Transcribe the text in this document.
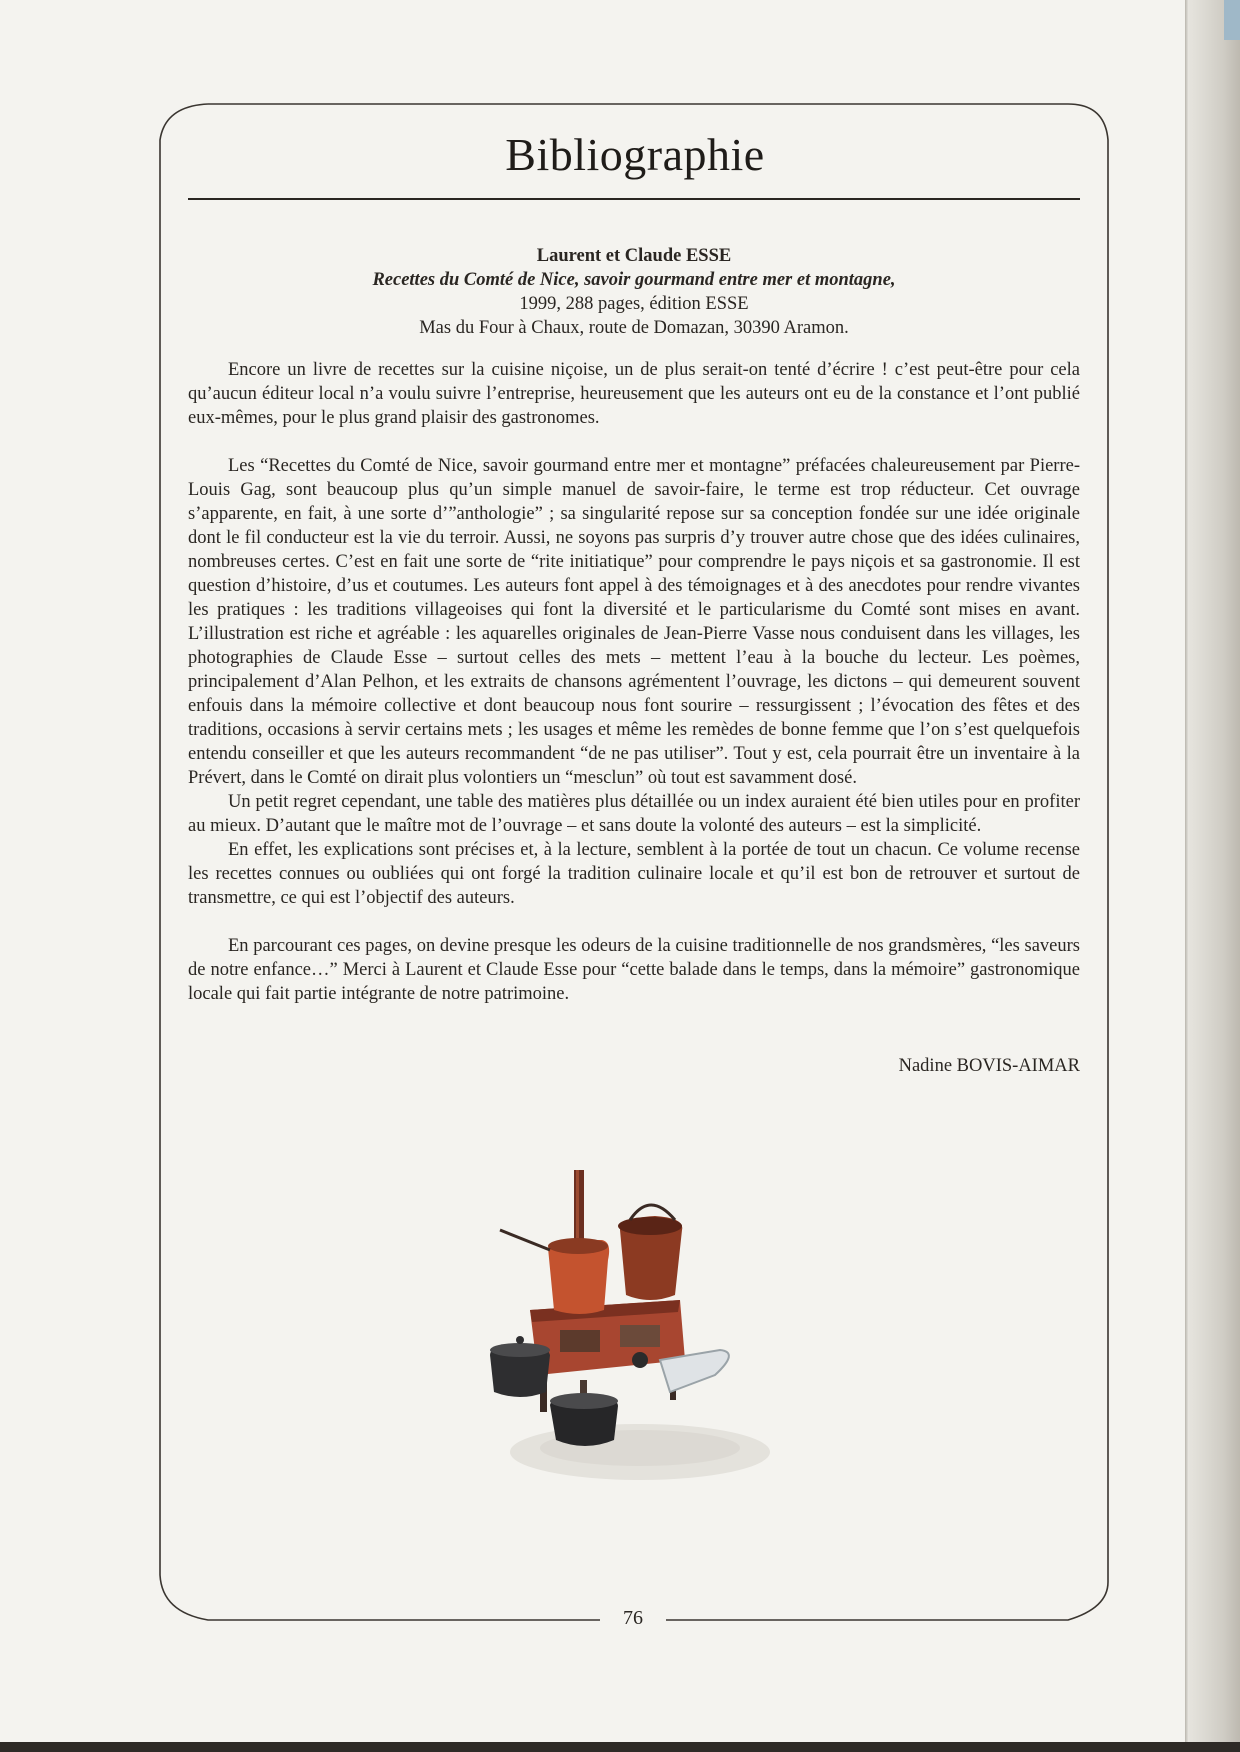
Bibliographie
Laurent et Claude ESSE
Recettes du Comté de Nice, savoir gourmand entre mer et montagne,
1999, 288 pages, édition ESSE
Mas du Four à Chaux, route de Domazan, 30390 Aramon.

Encore un livre de recettes sur la cuisine niçoise, un de plus serait-on tenté d’écrire ! c’est peut-être pour cela qu’aucun éditeur local n’a voulu suivre l’entreprise, heureusement que les auteurs ont eu de la constance et l’ont publié eux-mêmes, pour le plus grand plaisir des gastronomes.

Les “Recettes du Comté de Nice, savoir gourmand entre mer et montagne” préfacées chaleureusement par Pierre-Louis Gag, sont beaucoup plus qu’un simple manuel de savoir-faire, le terme est trop réducteur. Cet ouvrage s’apparente, en fait, à une sorte d’”anthologie” ; sa singularité repose sur sa conception fondée sur une idée originale dont le fil conducteur est la vie du terroir. Aussi, ne soyons pas surpris d’y trouver autre chose que des idées culinaires, nombreuses certes. C’est en fait une sorte de “rite initiatique” pour comprendre le pays niçois et sa gastronomie. Il est question d’histoire, d’us et coutumes. Les auteurs font appel à des témoignages et à des anecdotes pour rendre vivantes les pratiques : les traditions villageoises qui font la diversité et le particularisme du Comté sont mises en avant. L’illustration est riche et agréable : les aquarelles originales de Jean-Pierre Vasse nous conduisent dans les villages, les photographies de Claude Esse – surtout celles des mets – mettent l’eau à la bouche du lecteur. Les poèmes, principalement d’Alan Pelhon, et les extraits de chansons agrémentent l’ouvrage, les dictons – qui demeurent souvent enfouis dans la mémoire collective et dont beaucoup nous font sourire – ressurgissent ; l’évocation des fêtes et des traditions, occasions à servir certains mets ; les usages et même les remèdes de bonne femme que l’on s’est quelquefois entendu conseiller et que les auteurs recommandent “de ne pas utiliser”. Tout y est, cela pourrait être un inventaire à la Prévert, dans le Comté on dirait plus volontiers un “mesclun” où tout est savamment dosé.

Un petit regret cependant, une table des matières plus détaillée ou un index auraient été bien utiles pour en profiter au mieux. D’autant que le maître mot de l’ouvrage – et sans doute la volonté des auteurs – est la simplicité.

En effet, les explications sont précises et, à la lecture, semblent à la portée de tout un chacun. Ce volume recense les recettes connues ou oubliées qui ont forgé la tradition culinaire locale et qu’il est bon de retrouver et surtout de transmettre, ce qui est l’objectif des auteurs.

En parcourant ces pages, on devine presque les odeurs de la cuisine traditionnelle de nos grandsmères, “les saveurs de notre enfance…” Merci à Laurent et Claude Esse pour “cette balade dans le temps, dans la mémoire” gastronomique locale qui fait partie intégrante de notre patrimoine.

Nadine BOVIS-AIMAR
76
